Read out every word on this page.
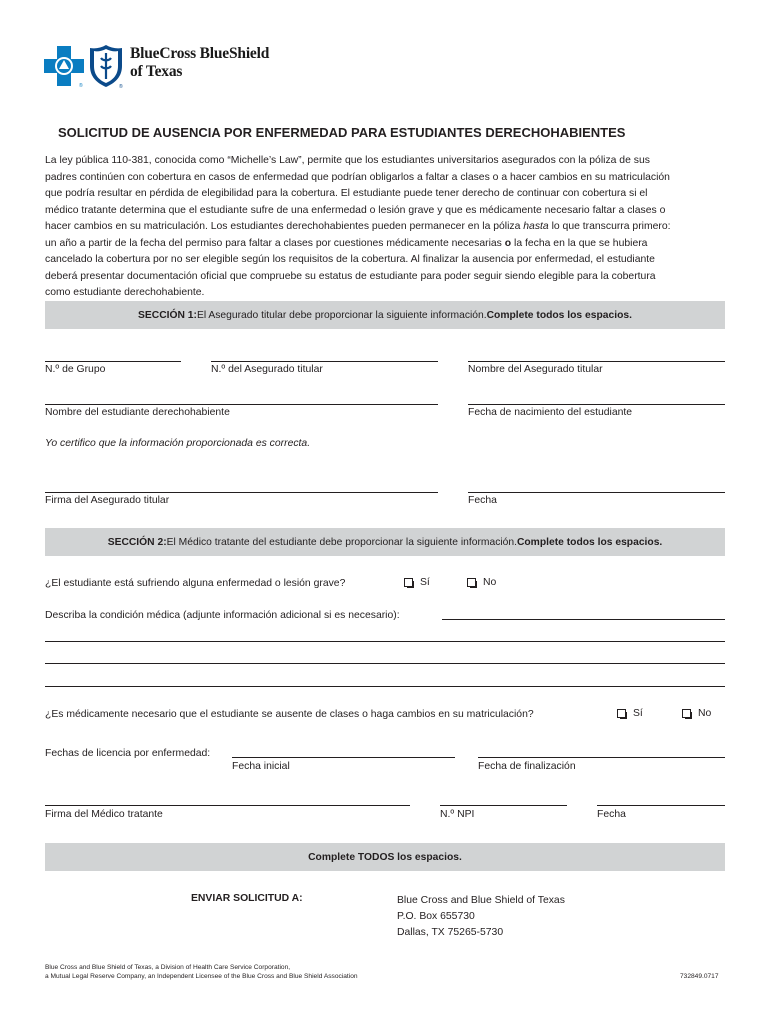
®	®
BlueCross BlueShield
of Texas
SOLICITUD DE AUSENCIA POR ENFERMEDAD PARA ESTUDIANTES DERECHOHABIENTES

La ley pública 110-381, conocida como “Michelle’s Law”, permite que los estudiantes universitarios asegurados con la póliza de sus

padres continúen con cobertura en casos de enfermedad que podrían obligarlos a faltar a clases o a hacer cambios en su matriculación

que podría resultar en pérdida de elegibilidad para la cobertura. El estudiante puede tener derecho de continuar con cobertura si el

médico tratante determina que el estudiante sufre de una enfermedad o lesión grave y que es médicamente necesario faltar a clases o

hacer cambios en su matriculación. Los estudiantes derechohabientes pueden permanecer en la póliza hasta lo que transcurra primero:

un año a partir de la fecha del permiso para faltar a clases por cuestiones médicamente necesarias o la fecha en la que se hubiera

cancelado la cobertura por no ser elegible según los requisitos de la cobertura. Al finalizar la ausencia por enfermedad, el estudiante

deberá presentar documentación oficial que compruebe su estatus de estudiante para poder seguir siendo elegible para la cobertura

como estudiante derechohabiente.

SECCIÓN 1: El Asegurado titular debe proporcionar la siguiente información. Complete todos los espacios.
N.º de Grupo	N.º del Asegurado titular	Nombre del Asegurado titular
Nombre del estudiante derechohabiente	Fecha de nacimiento del estudiante
Yo certifico que la información proporcionada es correcta.
Firma del Asegurado titular	Fecha
SECCIÓN 2: El Médico tratante del estudiante debe proporcionar la siguiente información. Complete todos los espacios.
¿El estudiante está sufriendo alguna enfermedad o lesión grave?	Sí	No
Describa la condición médica (adjunte información adicional si es necesario):
¿Es médicamente necesario que el estudiante se ausente de clases o haga cambios en su matriculación?	Sí	No
Fechas de licencia por enfermedad:
Fecha inicial	Fecha de finalización
Firma del Médico tratante	N.º NPI	Fecha
Complete TODOS los espacios.
ENVIAR SOLICITUD A:	Blue Cross and Blue Shield of Texas
P.O. Box 655730
Dallas, TX 75265-5730
Blue Cross and Blue Shield of Texas, a Division of Health Care Service Corporation,
a Mutual Legal Reserve Company, an Independent Licensee of the Blue Cross and Blue Shield Association	732849.0717
